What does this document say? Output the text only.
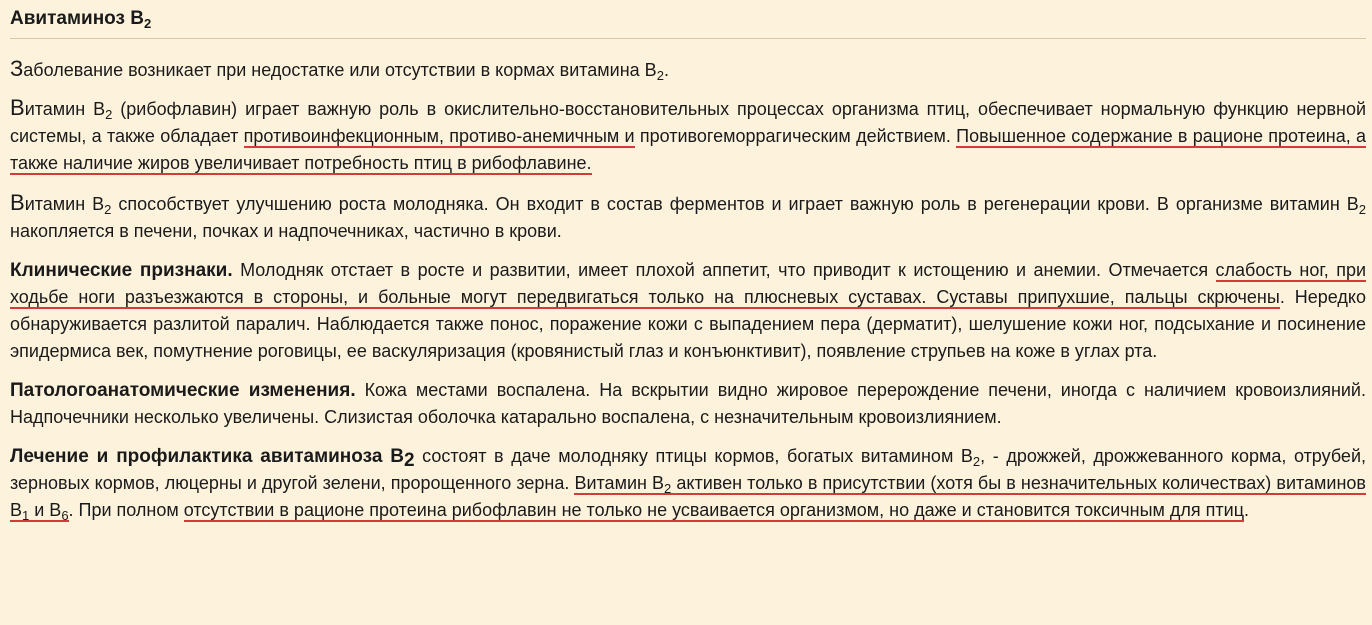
Авитаминоз $В_2$

Заболевание возникает при недостатке или отсутствии в кормах витамина $В_2$.

Витамин $В_2$ (рибофлавин) играет важную роль в окислительно-восстановительных процессах организма птиц, обеспечивает нормальную функцию нервной системы, а также обладает противоинфекционным, противо-анемичным и противогеморрагическим действием. Повышенное содержание в рационе протеина, а также наличие жиров увеличивает потребность птиц в рибофлавине.

Витамин $В_2$ способствует улучшению роста молодняка. Он входит в состав ферментов и играет важную роль в регенерации крови. В организме витамин $В_2$ накопляется в печени, почках и надпочечниках, частично в крови.

Клинические признаки. Молодняк отстает в росте и развитии, имеет плохой аппетит, что приводит к истощению и анемии. Отмечается слабость ног, при ходьбе ноги разъезжаются в стороны, и больные могут передвигаться только на плюсневых суставах. Суставы припухшие, пальцы скрючены. Нередко обнаруживается разлитой паралич. Наблюдается также понос, поражение кожи с выпадением пера (дерматит), шелушение кожи ног, подсыхание и посинение эпидермиса век, помутнение роговицы, ее васкуляризация (кровянистый глаз и конъюнктивит), появление струпьев на коже в углах рта.

Патологоанатомические изменения. Кожа местами воспалена. На вскрытии видно жировое перерождение печени, иногда с наличием кровоизлияний. Надпочечники несколько увеличены. Слизистая оболочка катарально воспалена, с незначительным кровоизлиянием.

Лечение и профилактика авитаминоза $В_2$ состоят в даче молодняку птицы кормов, богатых витамином $В_2$, - дрожжей, дрожжеванного корма, отрубей, зерновых кормов, люцерны и другой зелени, пророщенного зерна. Витамин $В_2$ активен только в присутствии (хотя бы в незначительных количествах) витаминов $В_1$ и $В_6$. При полном отсутствии в рационе протеина рибофлавин не только не усваивается организмом, но даже и становится токсичным для птиц.
